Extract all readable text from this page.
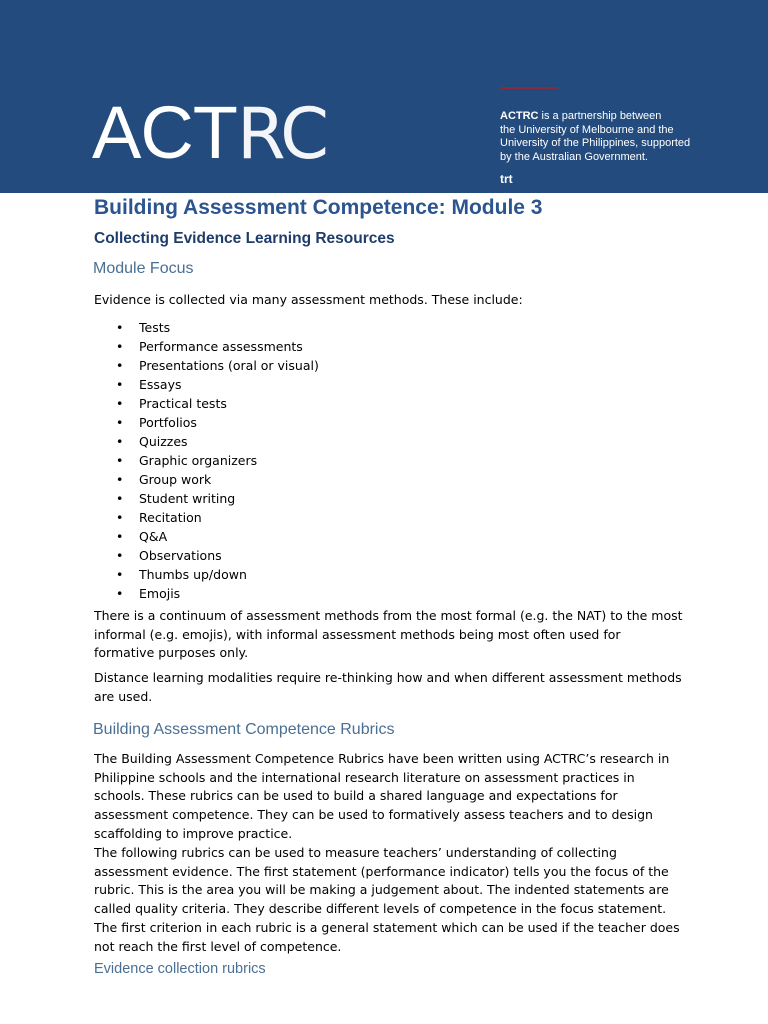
ACTRC	ACTRC is a partnership between
the University of Melbourne and the
University of the Philippines, supported
by the Australian Government.
trt
Building Assessment Competence: Module 3
Collecting Evidence Learning Resources
Module Focus

Evidence is collected via many assessment methods. These include:

• Tests
• Performance assessments
• Presentations (oral or visual)
• Essays
• Practical tests
• Portfolios
• Quizzes
• Graphic organizers
• Group work
• Student writing
• Recitation
• Q&A
• Observations
• Thumbs up/down
• Emojis

There is a continuum of assessment methods from the most formal (e.g. the NAT) to the most informal (e.g. emojis), with informal assessment methods being most often used for formative purposes only.

Distance learning modalities require re-thinking how and when different assessment methods are used.

Building Assessment Competence Rubrics

The Building Assessment Competence Rubrics have been written using ACTRC’s research in Philippine schools and the international research literature on assessment practices in schools. These rubrics can be used to build a shared language and expectations for assessment competence. They can be used to formatively assess teachers and to design scaffolding to improve practice.

The following rubrics can be used to measure teachers’ understanding of collecting assessment evidence. The first statement (performance indicator) tells you the focus of the rubric. This is the area you will be making a judgement about. The indented statements are called quality criteria. They describe different levels of competence in the focus statement. The first criterion in each rubric is a general statement which can be used if the teacher does not reach the first level of competence.

Evidence collection rubrics
